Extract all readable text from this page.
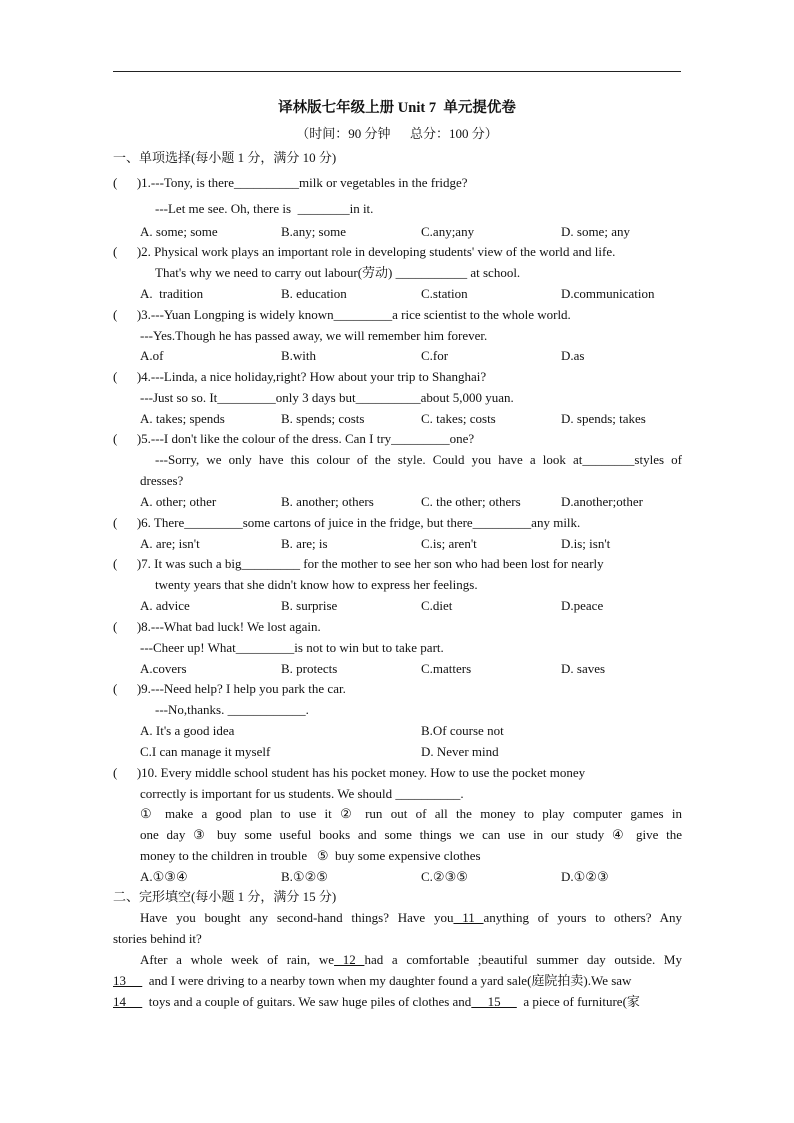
译林版七年级上册 Unit 7  单元提优卷
（时间：90 分钟      总分：100 分）
一、单项选择(每小题 1 分，满分 10 分)
(      )1.---Tony, is there__________milk or vegetables in the fridge?
---Let me see. Oh, there is  ________in it.
A. some; some	B.any; some	C.any;any	D. some; any
(      )2. Physical work plays an important role in developing students' view of the world and life.
That's why we need to carry out labour(劳动) ___________ at school.
A.  tradition	B. education	C.station	D.communication
(      )3.---Yuan Longping is widely known_________a rice scientist to the whole world.
---Yes.Though he has passed away, we will remember him forever.
A.of	B.with	C.for	D.as
(      )4.---Linda, a nice holiday,right? How about your trip to Shanghai?
---Just so so. It_________only 3 days but__________about 5,000 yuan.
A. takes; spends	B. spends; costs	C. takes; costs	D. spends; takes
(      )5.---I don't like the colour of the dress. Can I try_________one?
---Sorry, we only have this colour of the style. Could you have a look at________styles of
dresses?
A. other; other	B. another; others	C. the other; others	D.another;other
(      )6. There_________some cartons of juice in the fridge, but there_________any milk.
A. are; isn't	B. are; is	C.is; aren't	D.is; isn't
(      )7. It was such a big_________ for the mother to see her son who had been lost for nearly
twenty years that she didn't know how to express her feelings.
A. advice	B. surprise	C.diet	D.peace
(      )8.---What bad luck! We lost again.
---Cheer up! What_________is not to win but to take part.
A.covers	B. protects	C.matters	D. saves
(      )9.---Need help? I help you park the car.
---No,thanks. ____________.
A. It's a good idea	B.Of course not
C.I can manage it myself	D. Never mind
(      )10. Every middle school student has his pocket money. How to use the pocket money
correctly is important for us students. We should __________.
① make a good plan to use it ② run out of all the money to play computer games in
one day ③ buy some useful books and some things we can use in our study ④ give the
money to the children in trouble   ⑤  buy some expensive clothes
A.①③④	B.①②⑤	C.②③⑤	D.①②③
二、完形填空(每小题 1 分，满分 15 分)
Have you bought any second-hand things? Have you 11 anything of yours to others? Any
stories behind it?
After a whole week of rain, we 12 had a comfortable ;beautiful summer day outside. My
13       and I were driving to a nearby town when my daughter found a yard sale(庭院拍卖).We saw
14       toys and a couple of guitars. We saw huge piles of clothes and     15       a piece of furniture(家
